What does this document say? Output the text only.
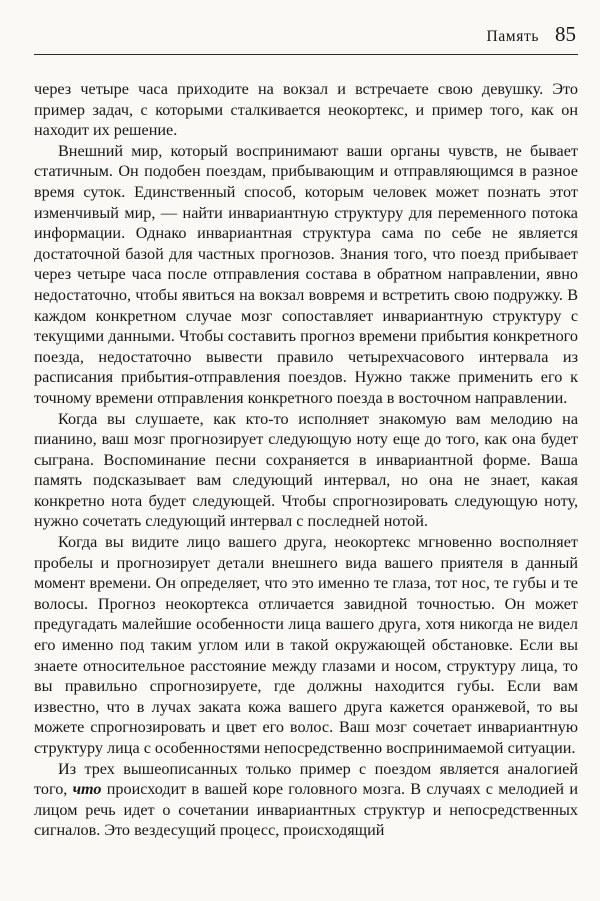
Память 85

через четыре часа приходите на вокзал и встречаете свою девушку. Это пример задач, с которыми сталкивается неокортекс, и пример того, как он находит их решение.

Внешний мир, который воспринимают ваши органы чувств, не бывает статичным. Он подобен поездам, прибывающим и отправляющимся в разное время суток. Единственный способ, которым человек может познать этот изменчивый мир, — найти инвариантную структуру для переменного потока информации. Однако инвариантная структура сама по себе не является достаточной базой для частных прогнозов. Знания того, что поезд прибывает через четыре часа после отправления состава в обратном направлении, явно недостаточно, чтобы явиться на вокзал вовремя и встретить свою подружку. В каждом конкретном случае мозг сопоставляет инвариантную структуру с текущими данными. Чтобы составить прогноз времени прибытия конкретного поезда, недостаточно вывести правило четырехчасового интервала из расписания прибытия-отправления поездов. Нужно также применить его к точному времени отправления конкретного поезда в восточном направлении.

Когда вы слушаете, как кто-то исполняет знакомую вам мелодию на пианино, ваш мозг прогнозирует следующую ноту еще до того, как она будет сыграна. Воспоминание песни сохраняется в инвариантной форме. Ваша память подсказывает вам следующий интервал, но она не знает, какая конкретно нота будет следующей. Чтобы спрогнозировать следующую ноту, нужно сочетать следующий интервал с последней нотой.

Когда вы видите лицо вашего друга, неокортекс мгновенно восполняет пробелы и прогнозирует детали внешнего вида вашего приятеля в данный момент времени. Он определяет, что это именно те глаза, тот нос, те губы и те волосы. Прогноз неокортекса отличается завидной точностью. Он может предугадать малейшие особенности лица вашего друга, хотя никогда не видел его именно под таким углом или в такой окружающей обстановке. Если вы знаете относительное расстояние между глазами и носом, структуру лица, то вы правильно спрогнозируете, где должны находится губы. Если вам известно, что в лучах заката кожа вашего друга кажется оранжевой, то вы можете спрогнозировать и цвет его волос. Ваш мозг сочетает инвариантную структуру лица с особенностями непосредственно воспринимаемой ситуации.

Из трех вышеописанных только пример с поездом является аналогией того, что происходит в вашей коре головного мозга. В случаях с мелодией и лицом речь идет о сочетании инвариантных структур и непосредственных сигналов. Это вездесущий процесс, происходящий
